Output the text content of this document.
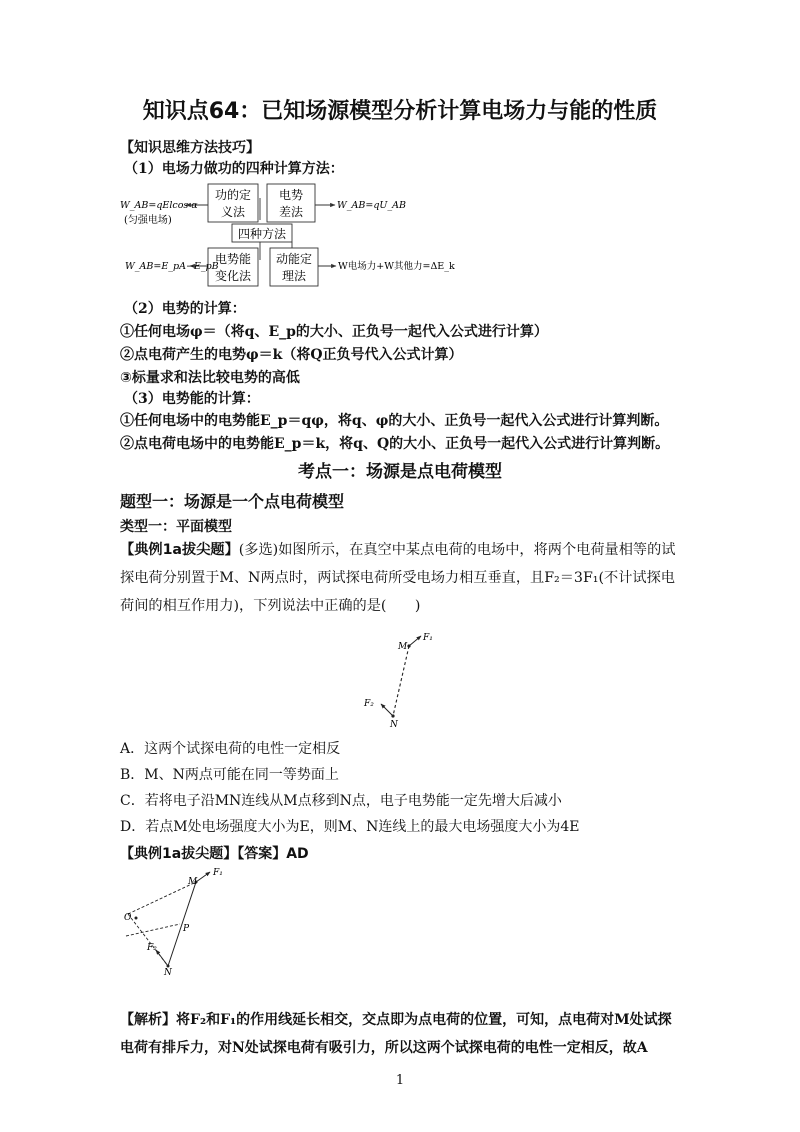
知识点64：已知场源模型分析计算电场力与能的性质
【知识思维方法技巧】
（1）电场力做功的四种计算方法：
功的定
义法
电势
差法
四种方法
电势能
变化法
动能定
理法
W_AB=qElcos α
(匀强电场)
W_AB=qU_AB
W_AB=E_pA−E_pB	W电场力+W其他力=ΔE_k
（2）电势的计算：
①任何电场φ＝（将q、E_p的大小、正负号一起代入公式进行计算）
②点电荷产生的电势φ＝k（将Q正负号代入公式计算）
③标量求和法比较电势的高低
（3）电势能的计算：
①任何电场中的电势能E_p＝qφ，将q、φ的大小、正负号一起代入公式进行计算判断。
②点电荷电场中的电势能E_p＝k，将q、Q的大小、正负号一起代入公式进行计算判断。
考点一：场源是点电荷模型
题型一：场源是一个点电荷模型
类型一：平面模型
【典例1a拔尖题】(多选)如图所示，在真空中某点电荷的电场中，将两个电荷量相等的试探电荷分别置于M、N两点时，两试探电荷所受电场力相互垂直，且F₂＝3F₁(不计试探电荷间的相互作用力)，下列说法中正确的是(　　)
M
F₁
F₂
N
A．这两个试探电荷的电性一定相反
B．M、N两点可能在同一等势面上
C．若将电子沿MN连线从M点移到N点，电子电势能一定先增大后减小
D．若点M处电场强度大小为E，则M、N连线上的最大电场强度大小为4E
【典例1a拔尖题】【答案】AD
M
F₁
O
P
F₂
N
【解析】将F₂和F₁的作用线延长相交，交点即为点电荷的位置，可知，点电荷对M处试探电荷有排斥力，对N处试探电荷有吸引力，所以这两个试探电荷的电性一定相反，故A
1
